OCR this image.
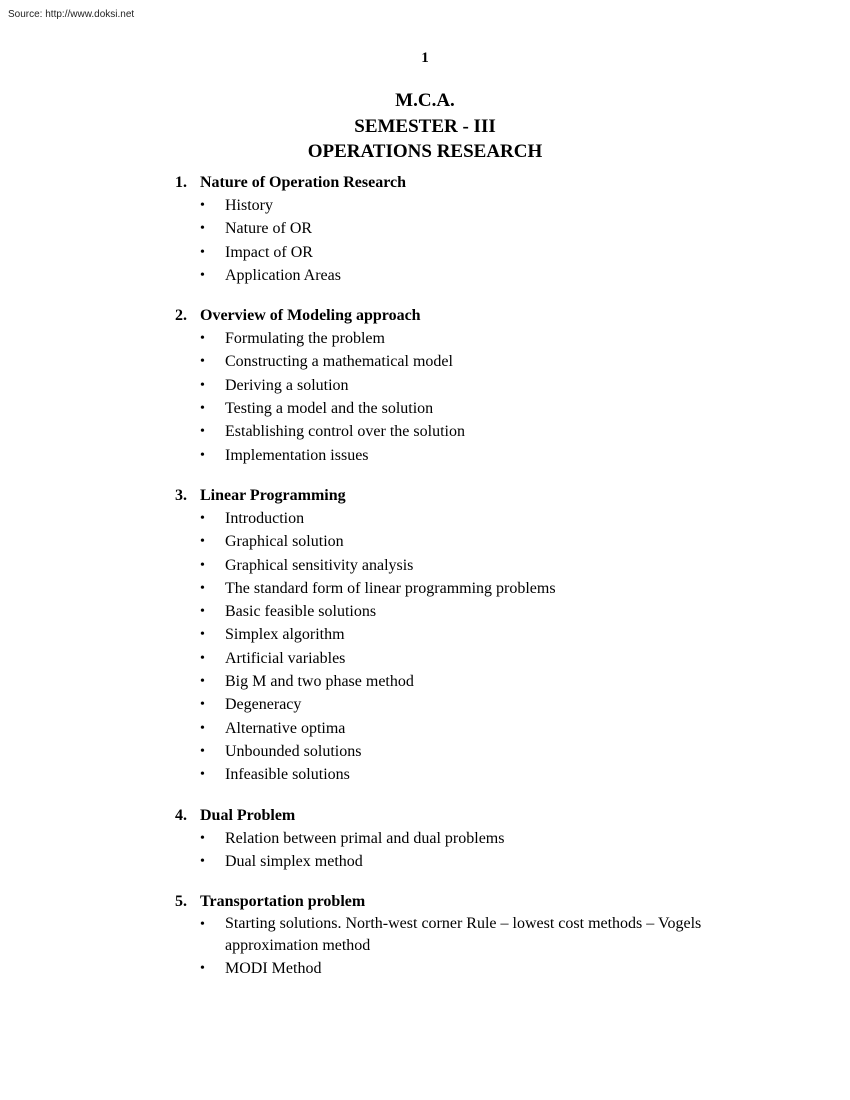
Source: http://www.doksi.net
1
M.C.A.
SEMESTER - III
OPERATIONS RESEARCH
1. Nature of Operation Research
•	History
•	Nature of OR
•	Impact of OR
•	Application Areas
2. Overview of Modeling approach
•	Formulating the problem
•	Constructing a mathematical model
•	Deriving a solution
•	Testing a model and the solution
•	Establishing control over the solution
•	Implementation issues
3. Linear Programming
•	Introduction
•	Graphical solution
•	Graphical sensitivity analysis
•	The standard form of linear programming problems
•	Basic feasible solutions
•	Simplex algorithm
•	Artificial variables
•	Big M and two phase method
•	Degeneracy
•	Alternative optima
•	Unbounded solutions
•	Infeasible solutions
4. Dual Problem
•	Relation between primal and dual problems
•	Dual simplex method
5. Transportation problem
•	Starting solutions. North-west corner Rule – lowest cost methods – Vogels approximation method
•	MODI Method
